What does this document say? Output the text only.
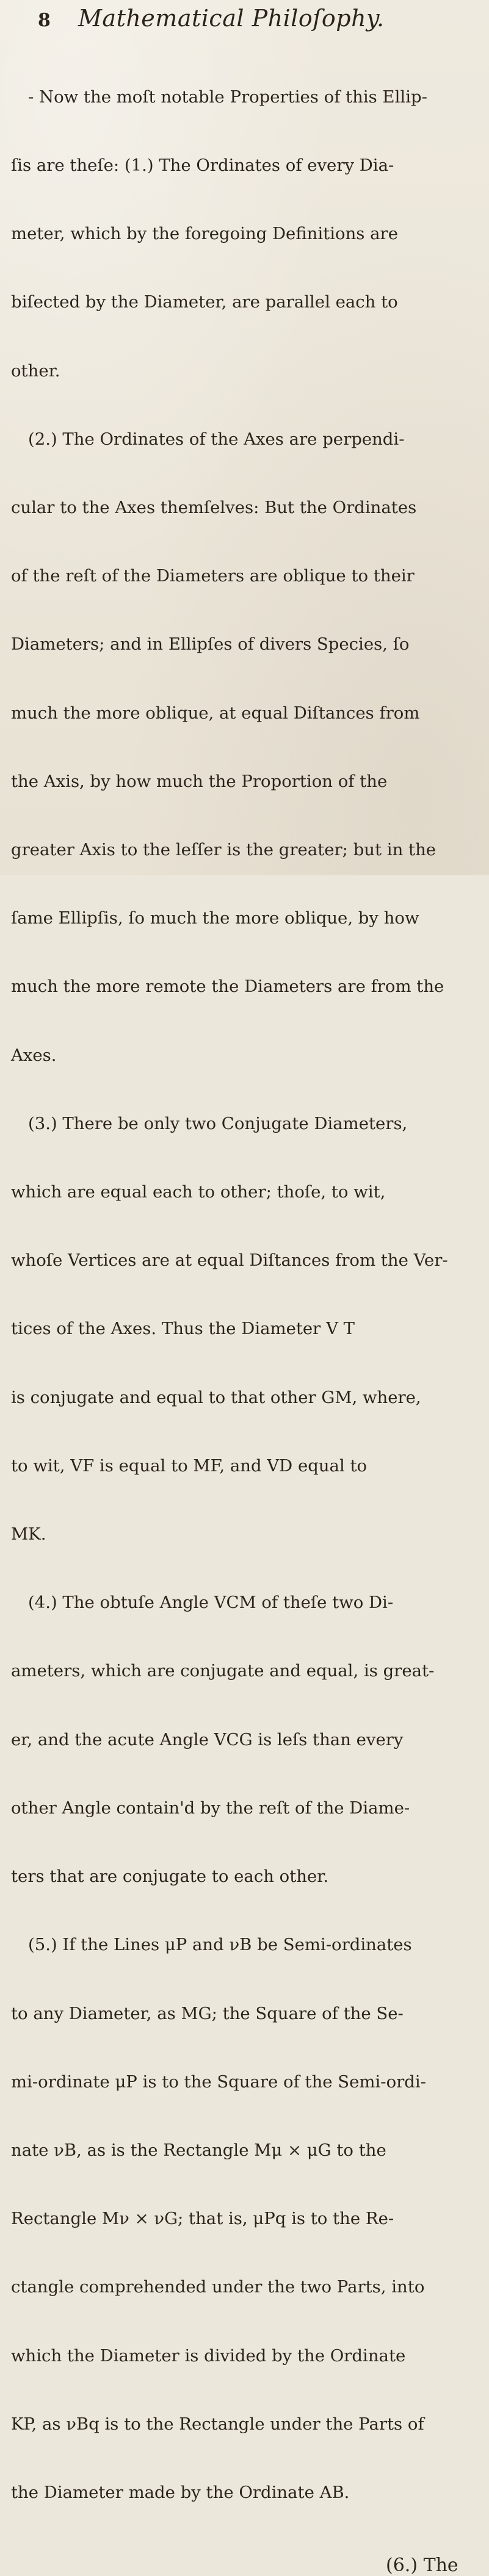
8	Mathematical Philoſophy.

- Now the moſt notable Properties of this Ellip-

ſis are theſe: (1.) The Ordinates of every Dia-

meter, which by the foregoing Definitions are

biſected by the Diameter, are parallel each to

other.

(2.) The Ordinates of the Axes are perpendi-

cular to the Axes themſelves: But the Ordinates

of the reſt of the Diameters are oblique to their

Diameters; and in Ellipſes of divers Species, ſo

much the more oblique, at equal Diſtances from

the Axis, by how much the Proportion of the

greater Axis to the leſſer is the greater; but in the

ſame Ellipſis, ſo much the more oblique, by how

much the more remote the Diameters are from the

Axes.

(3.) There be only two Conjugate Diameters,

which are equal each to other; thoſe, to wit,

whoſe Vertices are at equal Diſtances from the Ver-

tices of the Axes. Thus the Diameter V T

is conjugate and equal to that other GM, where,

to wit, VF is equal to MF, and VD equal to

MK.

(4.) The obtuſe Angle VCM of theſe two Di-

ameters, which are conjugate and equal, is great-

er, and the acute Angle VCG is leſs than every

other Angle contain'd by the reſt of the Diame-

ters that are conjugate to each other.

(5.) If the Lines μP and νB be Semi-ordinates

to any Diameter, as MG; the Square of the Se-

mi-ordinate μP is to the Square of the Semi-ordi-

nate νB, as is the Rectangle Mμ × μG to the

Rectangle Mν × νG; that is, μPq is to the Re-

ctangle comprehended under the two Parts, into

which the Diameter is divided by the Ordinate

KP, as νBq is to the Rectangle under the Parts of

the Diameter made by the Ordinate AB.

(6.) The
